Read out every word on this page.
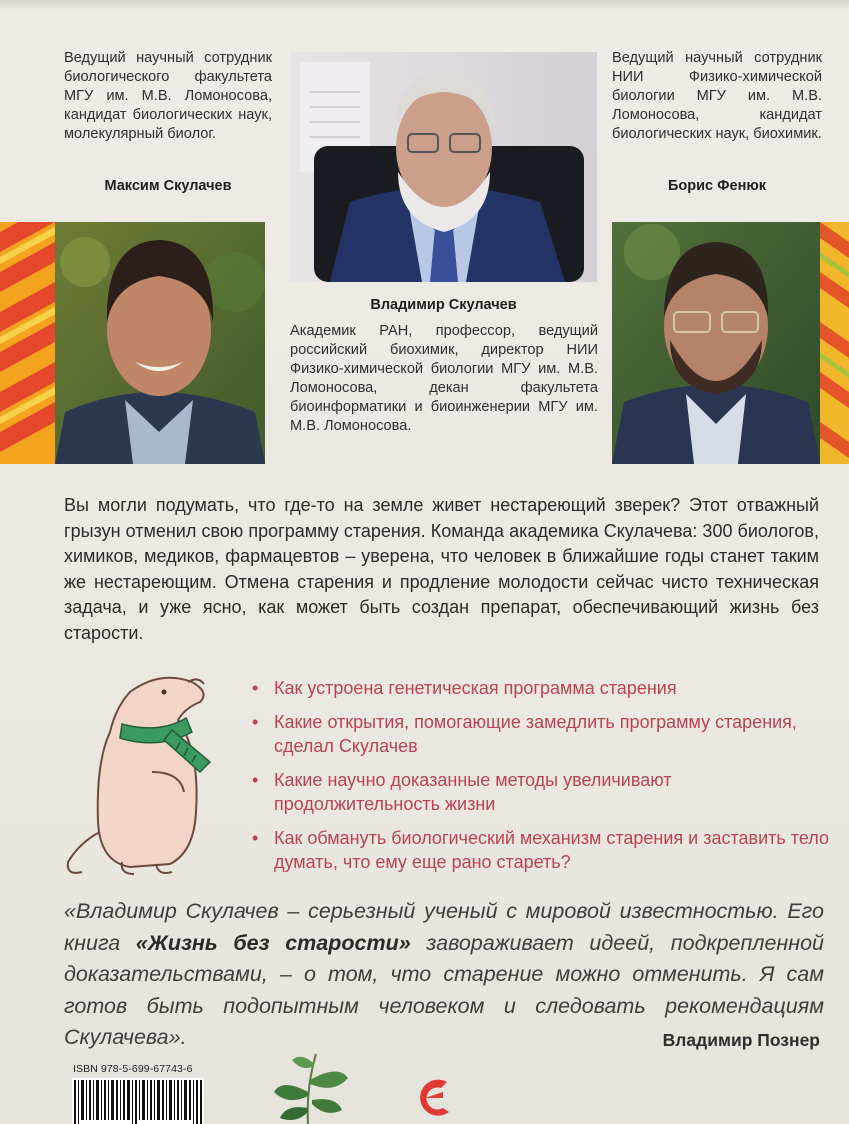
Ведущий научный сотрудник биологического факультета МГУ им. М.В. Ломоносова, кандидат биологических наук, молекулярный биолог.
Максим Скулачев
Ведущий научный сотрудник НИИ Физико-химической биологии МГУ им. М.В. Ломоносова, кандидат биологических наук, биохимик.
Борис Фенюк
Владимир Скулачев
Академик РАН, профессор, ведущий российский биохимик, директор НИИ Физико-химической биологии МГУ им. М.В. Ломоносова, декан факультета биоинформатики и биоинженерии МГУ им. М.В. Ломоносова.
Вы могли подумать, что где-то на земле живет нестареющий зверек? Этот отважный грызун отменил свою программу старения. Команда академика Скулачева: 300 биологов, химиков, медиков, фармацевтов – уверена, что человек в ближайшие годы станет таким же нестареющим. Отмена старения и продление молодости сейчас чисто техническая задача, и уже ясно, как может быть создан препарат, обеспечивающий жизнь без старости.
• Как устроена генетическая программа старения
• Какие открытия, помогающие замедлить программу старения, сделал Скулачев
• Какие научно доказанные методы увеличивают продолжительность жизни
• Как обмануть биологический механизм старения и заставить тело думать, что ему еще рано стареть?
«Владимир Скулачев – серьезный ученый с мировой известностью. Его книга «Жизнь без старости» завораживает идеей, подкрепленной доказательствами, – о том, что старение можно отменить. Я сам готов быть подопытным человеком и следовать рекомендациям Скулачева».	Владимир Познер
ISBN 978-5-699-67743-6
